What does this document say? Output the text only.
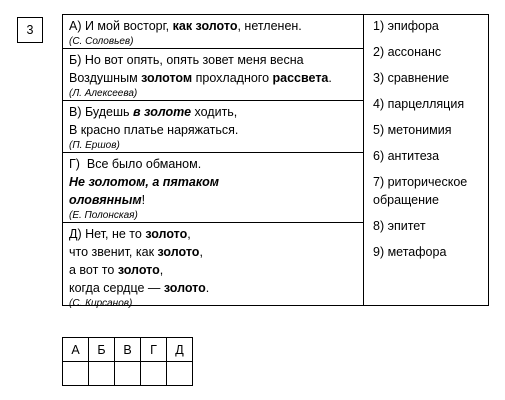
3	А) И мой восторг, как золото, нетленен.
(С. Соловьев)
Б) Но вот опять, опять зовет меня весна
Воздушным золотом прохладного рассвета.
(Л. Алексеева)
В) Будешь в золоте ходить,
В красно платье наряжаться.
(П. Ершов)
Г)  Все было обманом.
Не золотом, а пятаком
оловянным!
(Е. Полонская)
Д) Нет, не то золото,
что звенит, как золото,
а вот то золото,
когда сердце — золото.
(С. Кирсанов)
1) эпифора
2) ассонанс
3) сравнение
4) парцелляция
5) метонимия
6) антитеза
7) риторическое обращение
8) эпитет
9) метафора
А	Б	В	Г	Д
